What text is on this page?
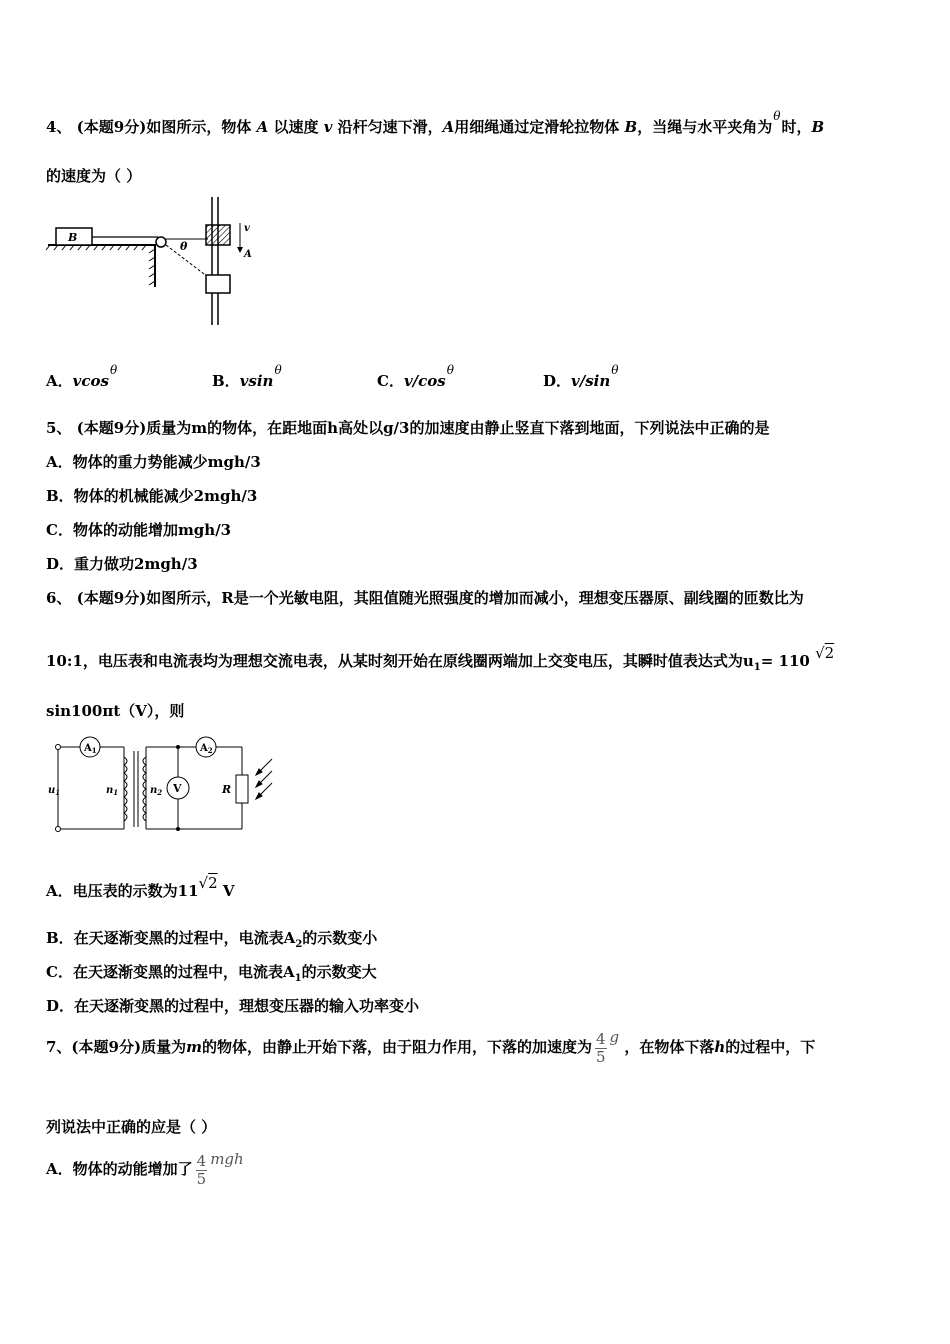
4、 (本题9分)如图所示，物体 A 以速度 v 沿杆匀速下滑，A用细绳通过定滑轮拉物体 B，当绳与水平夹角为$^\theta$时，B
的速度为（ ）
B
θ
v
A
A．vcos$^\theta$
B．vsin$^\theta$
C．$v/\cos^\theta$
D．$v/\sin^\theta$
5、 (本题9分)质量为m的物体，在距地面h高处以g/3的加速度由静止竖直下落到地面，下列说法中正确的是
A．物体的重力势能减少mgh/3
B．物体的机械能减少2mgh/3
C．物体的动能增加mgh/3
D．重力做功2mgh/3
6、 (本题9分)如图所示，R是一个光敏电阻，其阻值随光照强度的增加而减小，理想变压器原、副线圈的匝数比为
10:1，电压表和电流表均为理想交流电表，从某时刻开始在原线圈两端加上交变电压，其瞬时值表达式为$u_1= 110$ √2
sin100πt（V），则
$A_1$	$A_2$
V	R
$u_1$	$n_1$	$n_2$
A．电压表的示数为11√2 V
B．在天逐渐变黑的过程中，电流表$A_2$的示数变小
C．在天逐渐变黑的过程中，电流表$A_1$的示数变大
D．在天逐渐变黑的过程中，理想变压器的输入功率变小
7、(本题9分)质量为m的物体，由静止开始下落，由于阻力作用，下落的加速度为 $\frac{4}{5}$ g ，在物体下落h的过程中，下
列说法中正确的应是（ ）
A．物体的动能增加了 $\frac{4}{5}$ mgh
